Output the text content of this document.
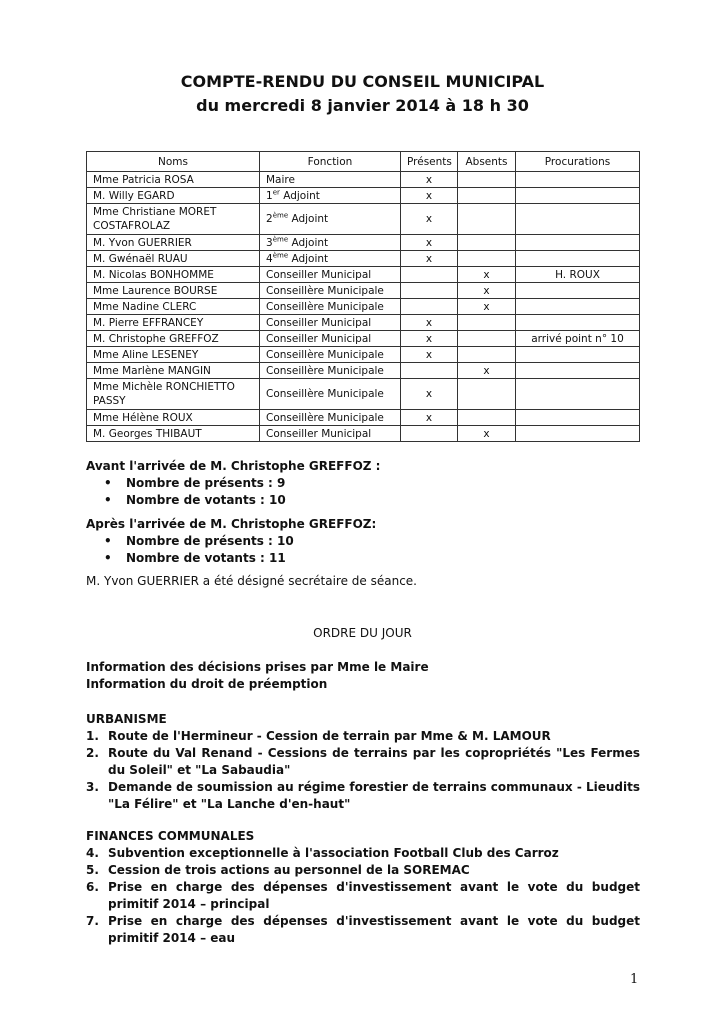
COMPTE-RENDU DU CONSEIL MUNICIPAL
du mercredi 8 janvier 2014 à 18 h 30
Noms	Fonction	Présents	Absents	Procurations
Mme Patricia ROSA	Maire	x		
M. Willy EGARD	1er Adjoint	x		
Mme Christiane MORET COSTAFROLAZ	2ème Adjoint	x		
M. Yvon GUERRIER	3ème Adjoint	x		
M. Gwénaël RUAU	4ème Adjoint	x		
M. Nicolas BONHOMME	Conseiller Municipal		x	H. ROUX
Mme Laurence BOURSE	Conseillère Municipale		x	
Mme Nadine CLERC	Conseillère Municipale		x	
M. Pierre EFFRANCEY	Conseiller Municipal	x		
M. Christophe GREFFOZ	Conseiller Municipal	x		arrivé point n° 10
Mme Aline LESENEY	Conseillère Municipale	x		
Mme Marlène MANGIN	Conseillère Municipale		x	
Mme Michèle RONCHIETTO PASSY	Conseillère Municipale	x		
Mme Hélène ROUX	Conseillère Municipale	x		
M. Georges THIBAUT	Conseiller Municipal		x	
Avant l'arrivée de M. Christophe GREFFOZ :
• Nombre de présents : 9
• Nombre de votants : 10
Après l'arrivée de M. Christophe GREFFOZ:
• Nombre de présents : 10
• Nombre de votants : 11
M. Yvon GUERRIER a été désigné secrétaire de séance.
ORDRE DU JOUR
Information des décisions prises par Mme le Maire
Information du droit de préemption
URBANISME
1. Route de l'Hermineur - Cession de terrain par Mme & M. LAMOUR
2. Route du Val Renand - Cessions de terrains par les copropriétés "Les Fermes du Soleil" et "La Sabaudia"
3. Demande de soumission au régime forestier de terrains communaux - Lieudits "La Félire" et "La Lanche d'en-haut"
FINANCES COMMUNALES
4. Subvention exceptionnelle à l'association Football Club des Carroz
5. Cession de trois actions au personnel de la SOREMAC
6. Prise en charge des dépenses d'investissement avant le vote du budget primitif 2014 – principal
7. Prise en charge des dépenses d'investissement avant le vote du budget primitif 2014 – eau
1
